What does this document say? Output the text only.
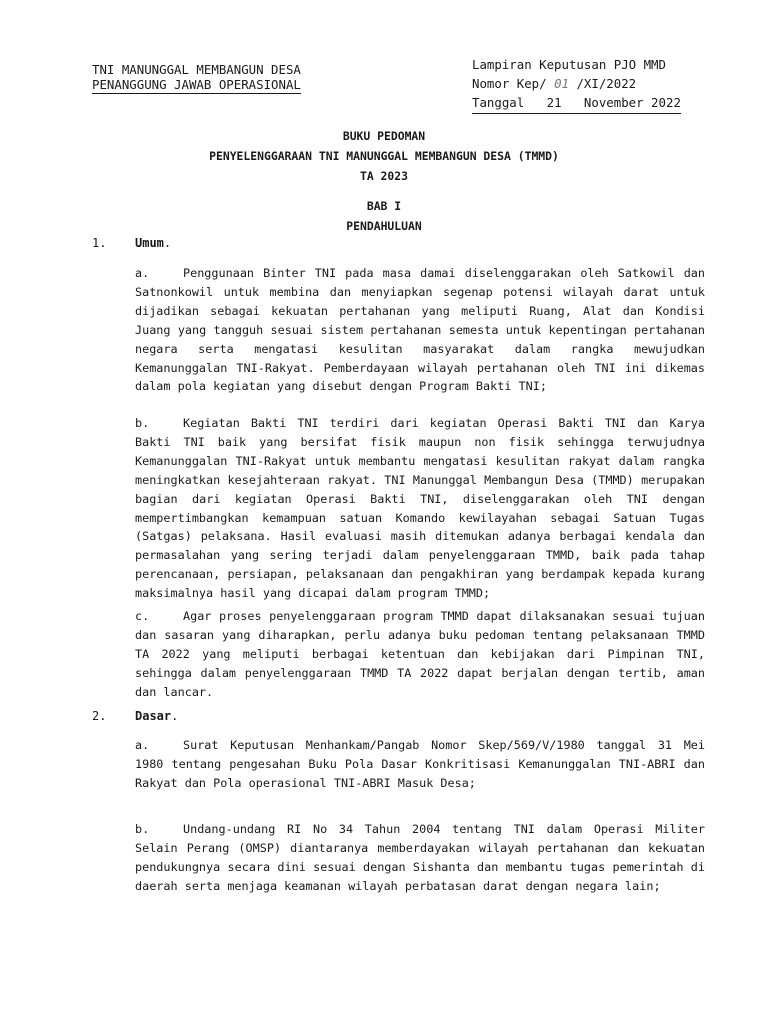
TNI MANUNGGAL MEMBANGUN DESA
PENANGGUNG JAWAB OPERASIONAL
Lampiran Keputusan PJO MMD
Nomor Kep/ 01 /XI/2022
Tanggal 21 November 2022
BUKU PEDOMAN
PENYELENGGARAAN TNI MANUNGGAL MEMBANGUN DESA (TMMD)
TA 2023
BAB I
PENDAHULUAN
1. Umum.

a.	Penggunaan Binter TNI pada masa damai diselenggarakan oleh Satkowil dan Satnonkowil untuk membina dan menyiapkan segenap potensi wilayah darat untuk dijadikan sebagai kekuatan pertahanan yang meliputi Ruang, Alat dan Kondisi Juang yang tangguh sesuai sistem pertahanan semesta untuk kepentingan pertahanan negara serta mengatasi kesulitan masyarakat dalam rangka mewujudkan Kemanunggalan TNI-Rakyat. Pemberdayaan wilayah pertahanan oleh TNI ini dikemas dalam pola kegiatan yang disebut dengan Program Bakti TNI;

b.	Kegiatan Bakti TNI terdiri dari kegiatan Operasi Bakti TNI dan Karya Bakti TNI baik yang bersifat fisik maupun non fisik sehingga terwujudnya Kemanunggalan TNI-Rakyat untuk membantu mengatasi kesulitan rakyat dalam rangka meningkatkan kesejahteraan rakyat. TNI Manunggal Membangun Desa (TMMD) merupakan bagian dari kegiatan Operasi Bakti TNI, diselenggarakan oleh TNI dengan mempertimbangkan kemampuan satuan Komando kewilayahan sebagai Satuan Tugas (Satgas) pelaksana. Hasil evaluasi masih ditemukan adanya berbagai kendala dan permasalahan yang sering terjadi dalam penyelenggaraan TMMD, baik pada tahap perencanaan, persiapan, pelaksanaan dan pengakhiran yang berdampak kepada kurang maksimalnya hasil yang dicapai dalam program TMMD;

c.	Agar proses penyelenggaraan program TMMD dapat dilaksanakan sesuai tujuan dan sasaran yang diharapkan, perlu adanya buku pedoman tentang pelaksanaan TMMD TA 2022 yang meliputi berbagai ketentuan dan kebijakan dari Pimpinan TNI, sehingga dalam penyelenggaraan TMMD TA 2022 dapat berjalan dengan tertib, aman dan lancar.

2. Dasar.

a.	Surat Keputusan Menhankam/Pangab Nomor Skep/569/V/1980 tanggal 31 Mei 1980 tentang pengesahan Buku Pola Dasar Konkritisasi Kemanunggalan TNI-ABRI dan Rakyat dan Pola operasional TNI-ABRI Masuk Desa;

b.	Undang-undang RI No 34 Tahun 2004 tentang TNI dalam Operasi Militer Selain Perang (OMSP) diantaranya memberdayakan wilayah pertahanan dan kekuatan pendukungnya secara dini sesuai dengan Sishanta dan membantu tugas pemerintah di daerah serta menjaga keamanan wilayah perbatasan darat dengan negara lain;
